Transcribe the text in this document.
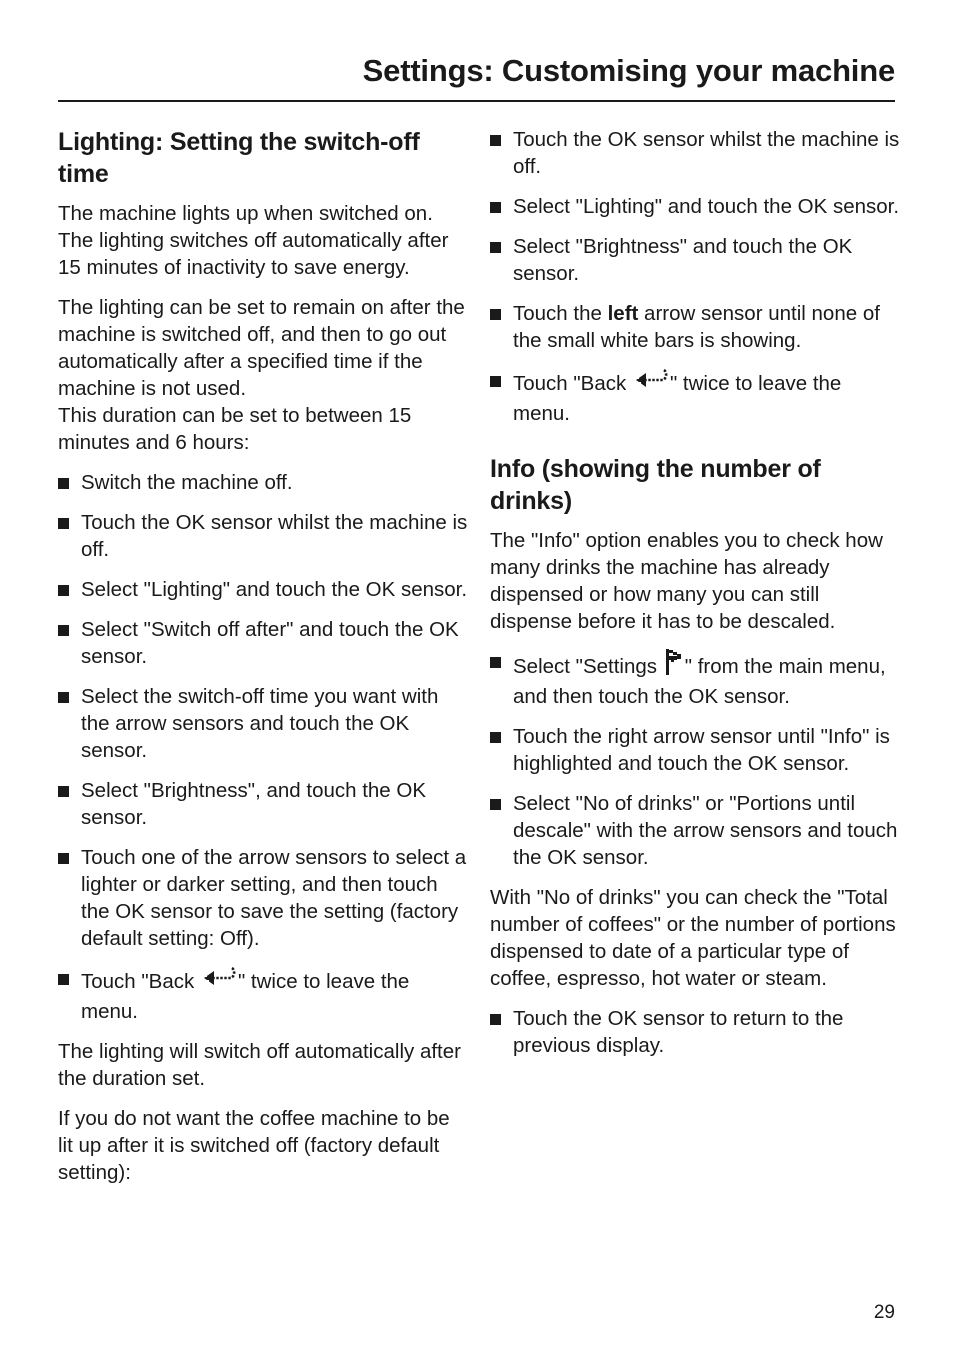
Settings: Customising your machine
Lighting: Setting the switch-off time

The machine lights up when switched on. The lighting switches off automatically after 15 minutes of inactivity to save energy.

The lighting can be set to remain on after the machine is switched off, and then to go out automatically after a specified time if the machine is not used.

This duration can be set to between 15 minutes and 6 hours:

Switch the machine off.
Touch the OK sensor whilst the machine is off.
Select "Lighting" and touch the OK sensor.
Select "Switch off after" and touch the OK sensor.
Select the switch-off time you want with the arrow sensors and touch the OK sensor.
Select "Brightness", and touch the OK sensor.
Touch one of the arrow sensors to select a lighter or darker setting, and then touch the OK sensor to save the setting (factory default setting: Off).
Touch "Back " twice to leave the menu.

The lighting will switch off automatically after the duration set.

If you do not want the coffee machine to be lit up after it is switched off (factory default setting):

Touch the OK sensor whilst the machine is off.
Select "Lighting" and touch the OK sensor.
Select "Brightness" and touch the OK sensor.
Touch the left arrow sensor until none of the small white bars is showing.
Touch "Back " twice to leave the menu.
Info (showing the number of drinks)

The "Info" option enables you to check how many drinks the machine has already dispensed or how many you can still dispense before it has to be descaled.

Select "Settings " from the main menu, and then touch the OK sensor.
Touch the right arrow sensor until "Info" is highlighted and touch the OK sensor.
Select "No of drinks" or "Portions until descale" with the arrow sensors and touch the OK sensor.

With "No of drinks" you can check the "Total number of coffees" or the number of portions dispensed to date of a particular type of coffee, espresso, hot water or steam.

Touch the OK sensor to return to the previous display.
29
